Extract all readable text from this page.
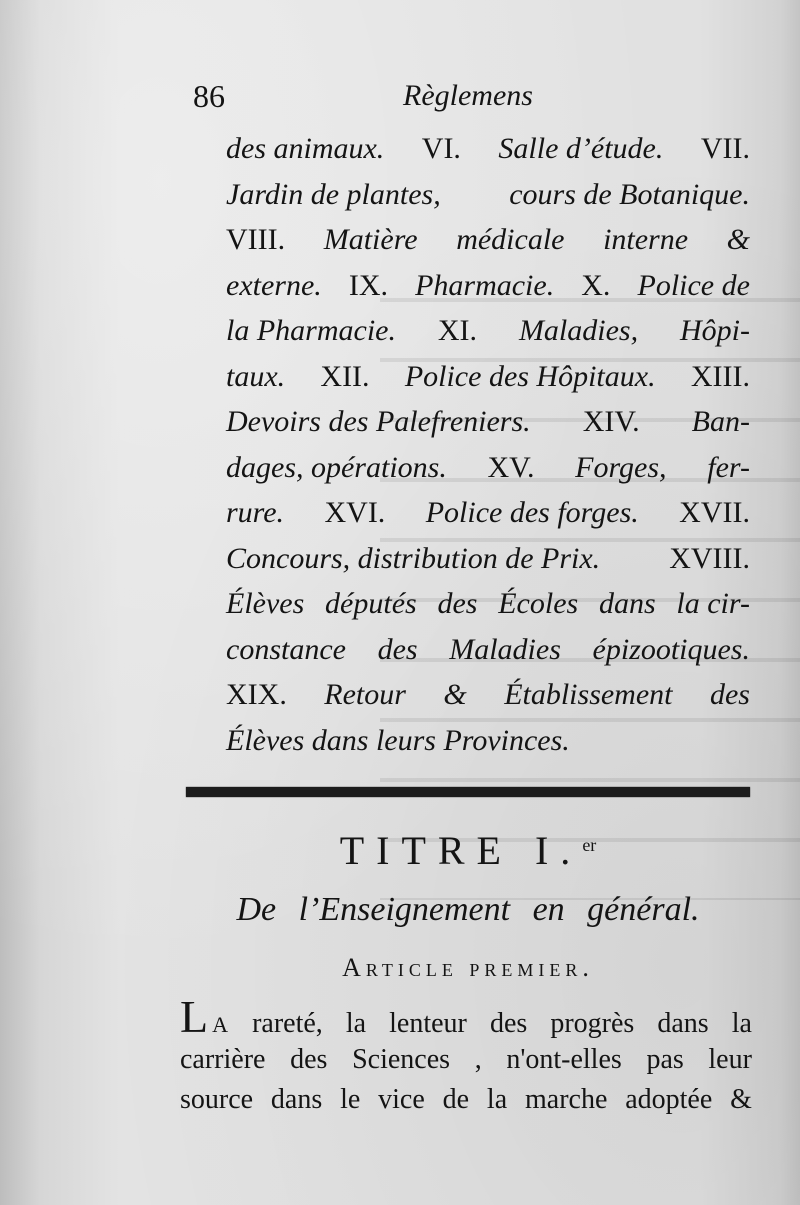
86	Règlemens
des animaux. VI. Salle d’étude. VII.
Jardin de plantes, cours de Botanique.
VIII. Matière médicale interne &
externe. IX. Pharmacie. X. Police de
la Pharmacie. XI. Maladies, Hôpi-
taux. XII. Police des Hôpitaux. XIII.
Devoirs des Palefreniers. XIV. Ban-
dages, opérations. XV. Forges, fer-
rure. XVI. Police des forges. XVII.
Concours, distribution de Prix. XVIII.
Élèves députés des Écoles dans la cir-
constance des Maladies épizootiques.
XIX. Retour & Établissement des
Élèves dans leurs Provinces.
TITRE I.$^{er}$
De l’Enseignement en général.
Article premier.
L A rareté, la lenteur des progrès dans la
carrière des Sciences , n'ont-elles pas leur
source dans le vice de la marche adoptée &
